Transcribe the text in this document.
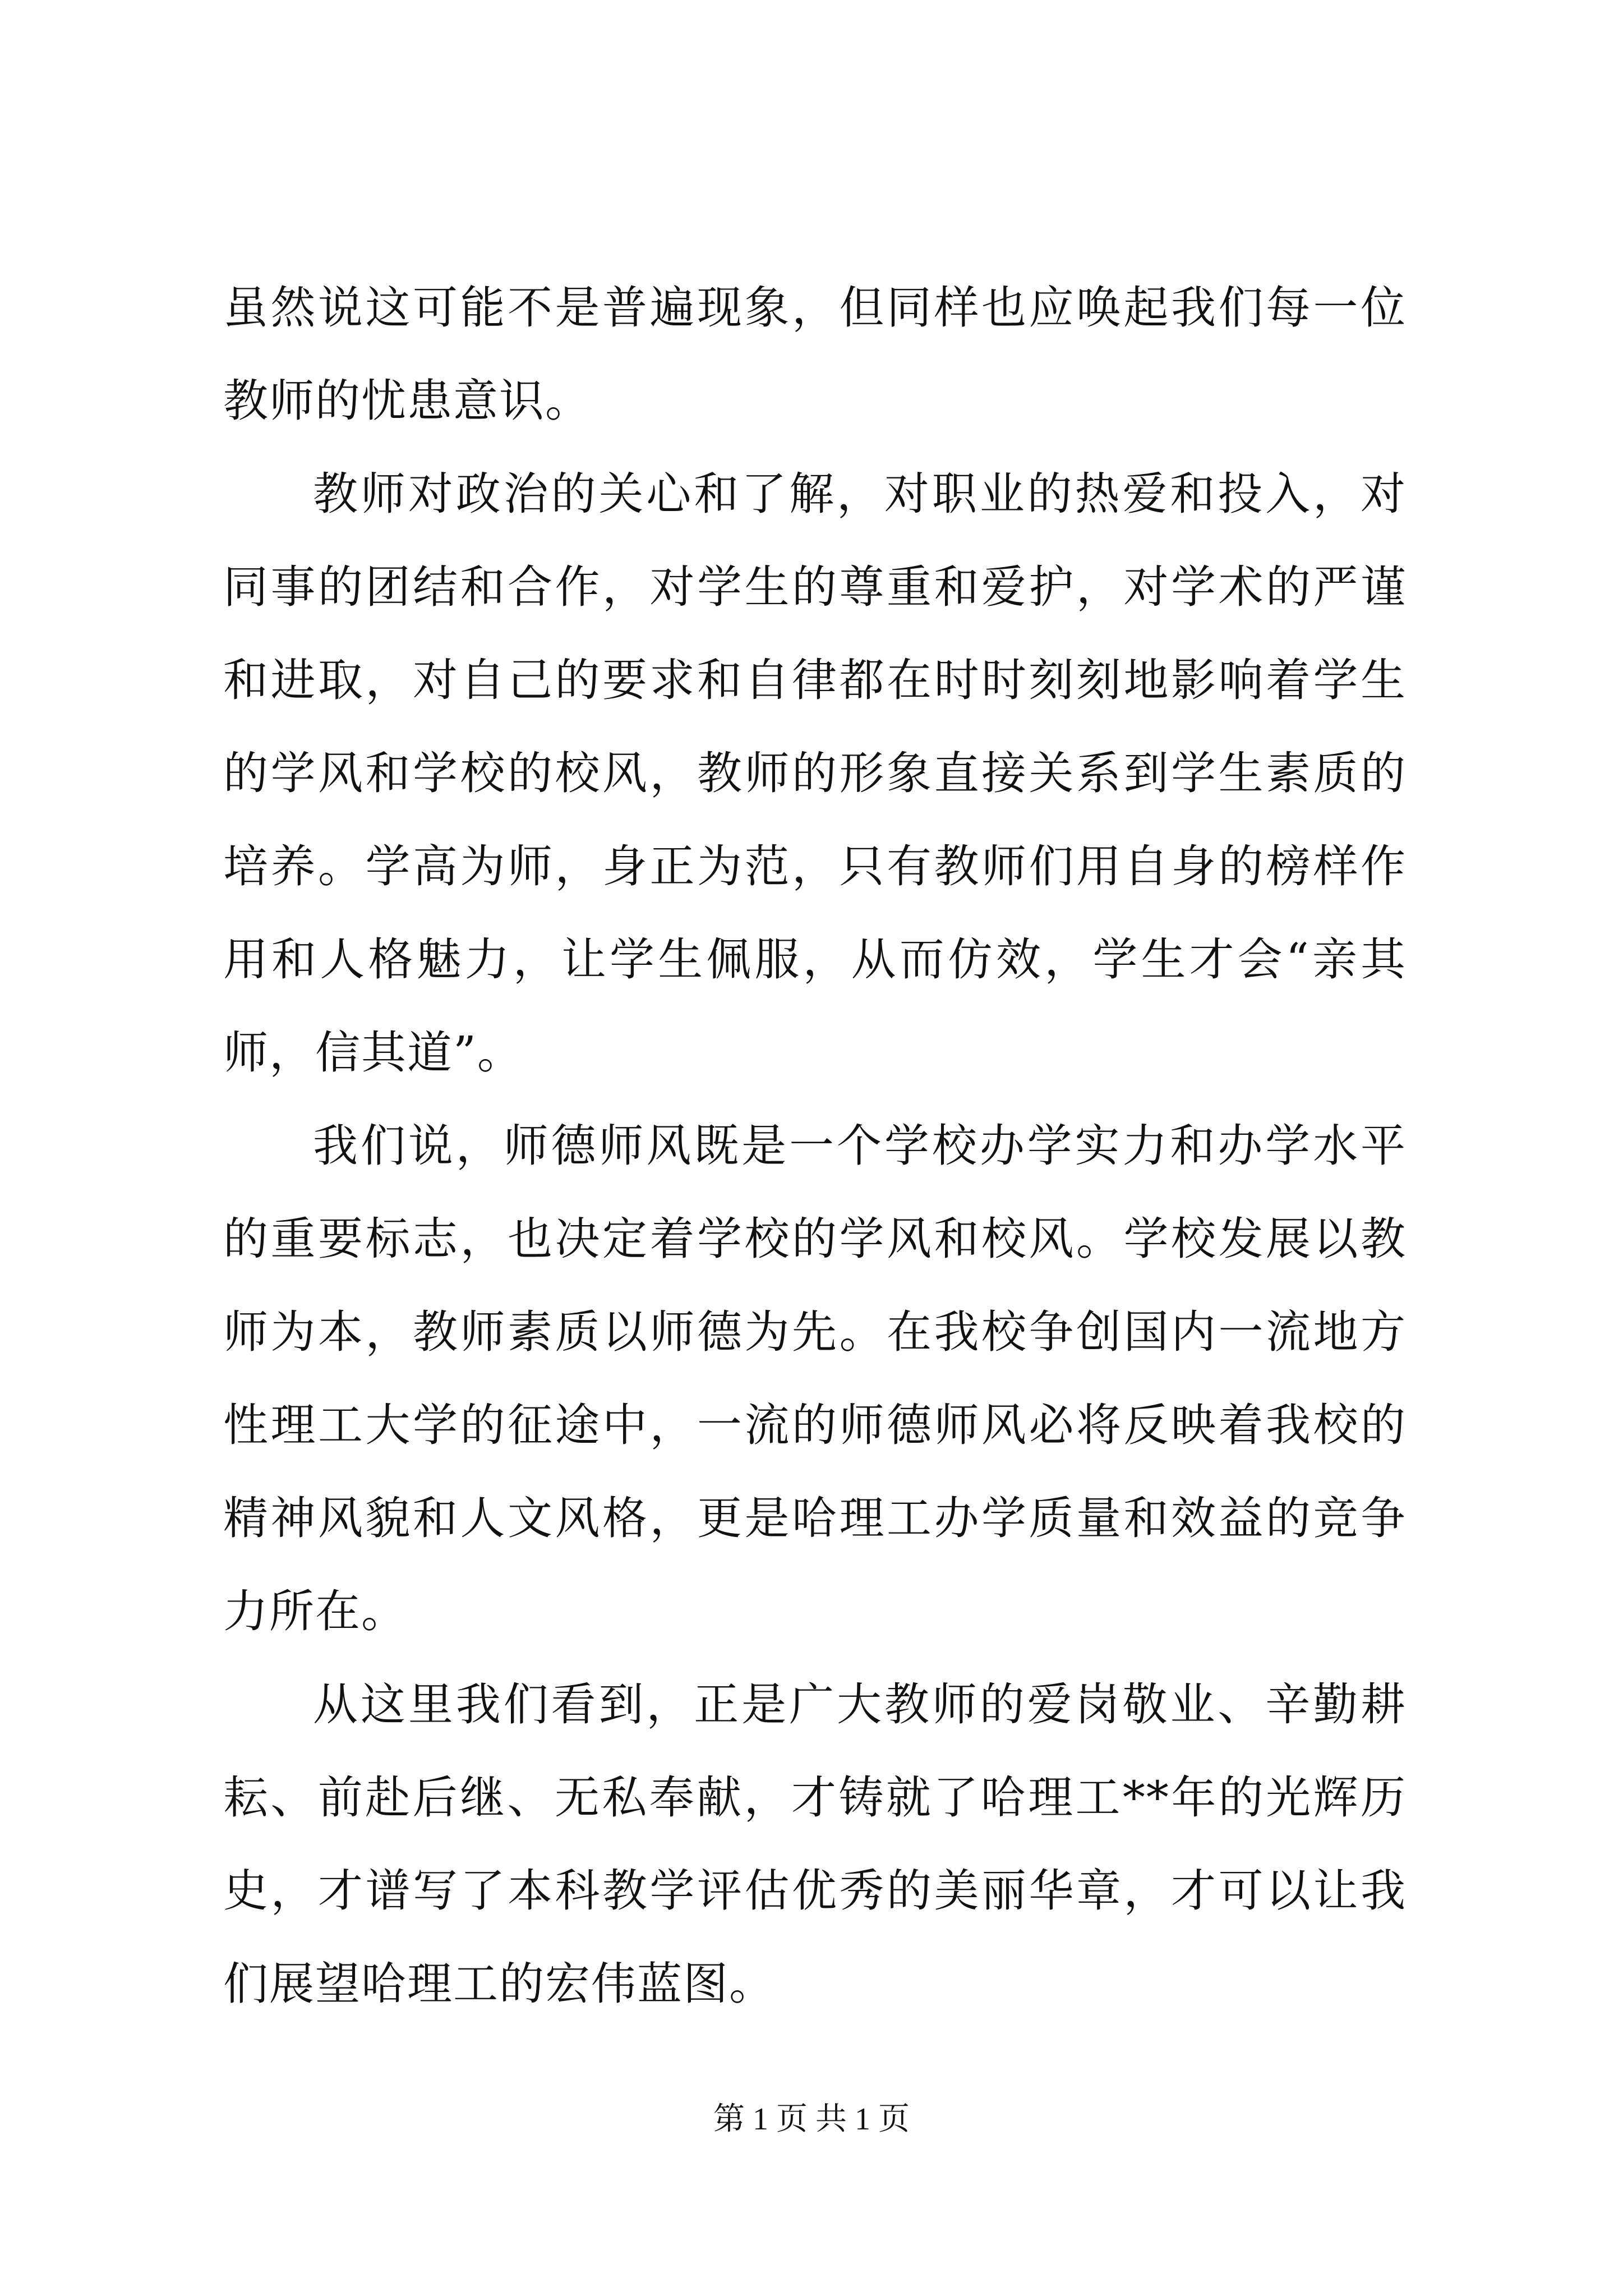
虽然说这可能不是普遍现象，但同样也应唤起我们每一位教师的忧患意识。

教师对政治的关心和了解，对职业的热爱和投入，对同事的团结和合作，对学生的尊重和爱护，对学术的严谨和进取，对自己的要求和自律都在时时刻刻地影响着学生的学风和学校的校风，教师的形象直接关系到学生素质的培养。学高为师，身正为范，只有教师们用自身的榜样作用和人格魅力，让学生佩服，从而仿效，学生才会“亲其师，信其道”。

我们说，师德师风既是一个学校办学实力和办学水平的重要标志，也决定着学校的学风和校风。学校发展以教师为本，教师素质以师德为先。在我校争创国内一流地方性理工大学的征途中，一流的师德师风必将反映着我校的精神风貌和人文风格，更是哈理工办学质量和效益的竞争力所在。

从这里我们看到，正是广大教师的爱岗敬业、辛勤耕耘、前赴后继、无私奉献，才铸就了哈理工**年的光辉历史，才谱写了本科教学评估优秀的美丽华章，才可以让我们展望哈理工的宏伟蓝图。

第 1 页 共 1 页
